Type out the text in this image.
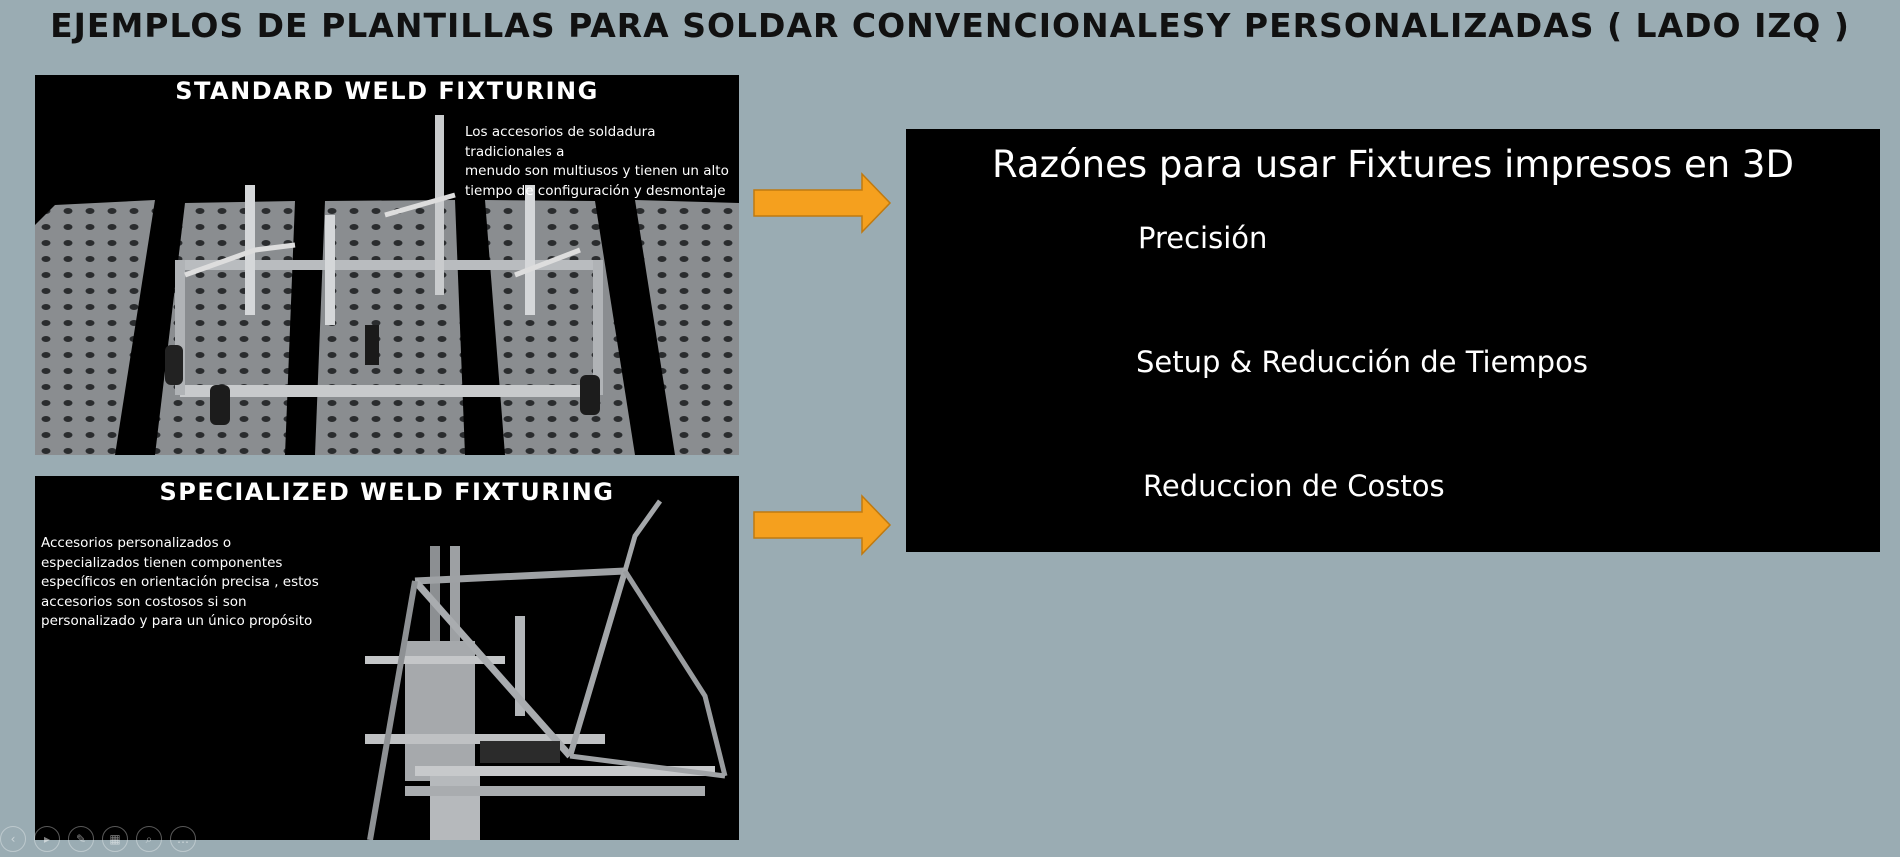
EJEMPLOS DE PLANTILLAS PARA SOLDAR CONVENCIONALESY PERSONALIZADAS ( LADO IZQ )
STANDARD WELD FIXTURING
Los accesorios de soldadura tradicionales a
menudo son multiusos y tienen un alto
tiempo de configuración y desmontaje
SPECIALIZED WELD FIXTURING
Accesorios personalizados o
especializados tienen componentes
específicos en orientación precisa , estos
accesorios son costosos si son
personalizado y para un único propósito
Razónes para usar Fixtures impresos en 3D
Precisión
Setup & Reducción de Tiempos
Reduccion de Costos
‹	▸	✎	▦	⌕	…
